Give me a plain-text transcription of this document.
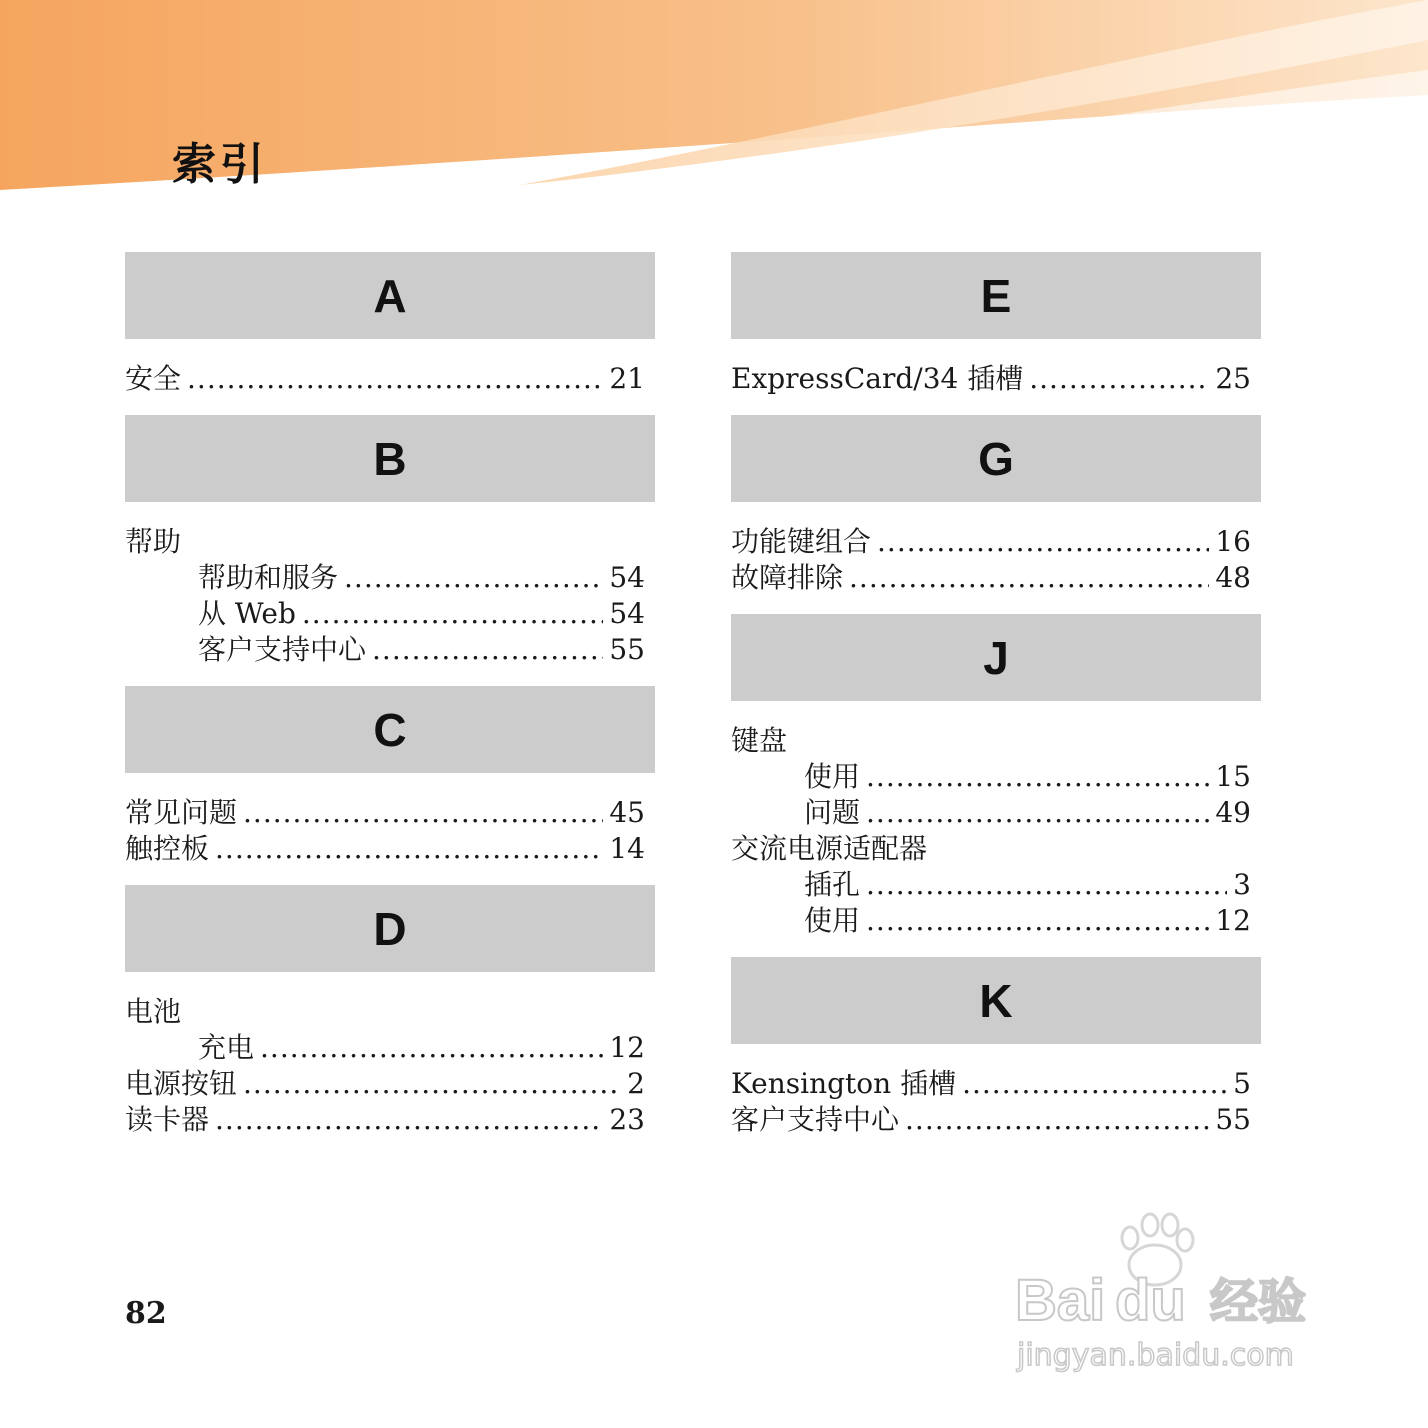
索引
A
安全 .....	21
B
帮助
帮助和服务 .....	54
从 Web .....	54
客户支持中心 .....	55
C
常见问题 .....	45
触控板 .....	14
D
电池
充电 .....	12
电源按钮 .....	2
读卡器 .....	23
E
ExpressCard/34 插槽 .....	25
G
功能键组合 .....	16
故障排除 .....	48
J
键盘
使用 .....	15
问题 .....	49
交流电源适配器
插孔 .....	3
使用 .....	12
K
Kensington 插槽 .....	5
客户支持中心 .....	55
82	Bai du 经验
jingyan.baidu.com
